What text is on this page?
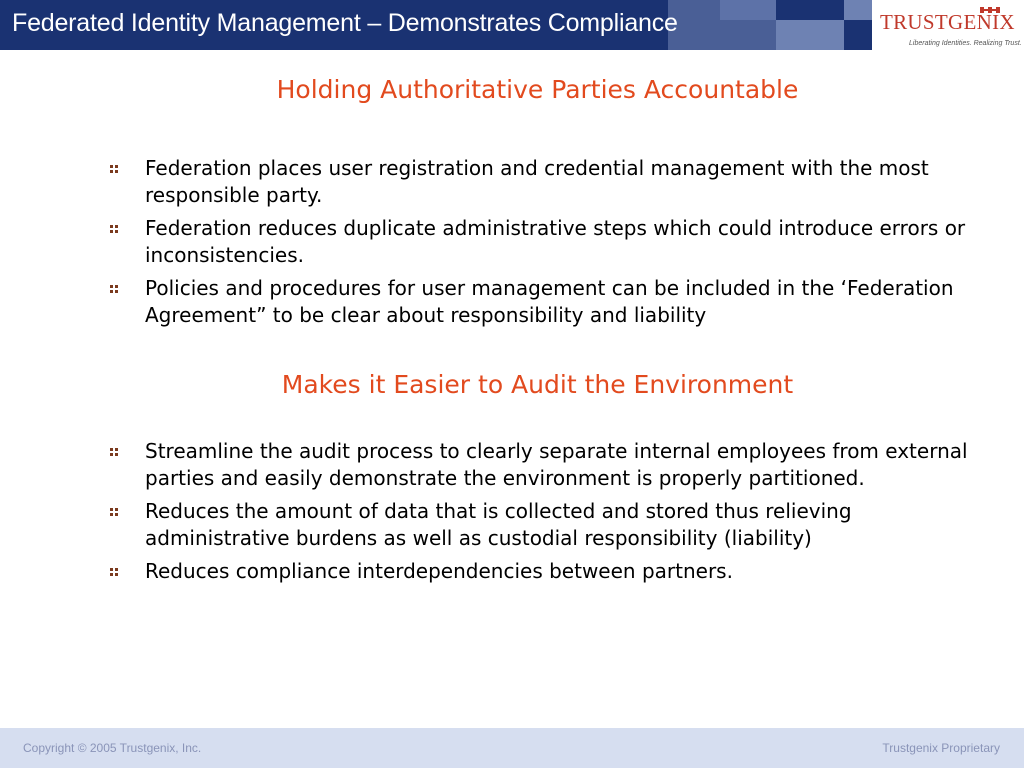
Federated Identity Management – Demonstrates Compliance	TRUSTGENIX
Liberating Identities. Realizing Trust.
Holding Authoritative Parties Accountable
Federation places user registration and credential management with the most responsible party.
Federation reduces duplicate administrative steps which could introduce errors or inconsistencies.
Policies and procedures for user management can be included in the ‘Federation Agreement” to be clear about responsibility and liability
Makes it Easier to Audit the Environment
Streamline the audit process to clearly separate internal employees from external parties and easily demonstrate the environment is properly partitioned.
Reduces the amount of data that is collected and stored thus relieving administrative burdens as well as custodial responsibility (liability)
Reduces compliance interdependencies between partners.
Copyright © 2005 Trustgenix, Inc.	Trustgenix Proprietary
